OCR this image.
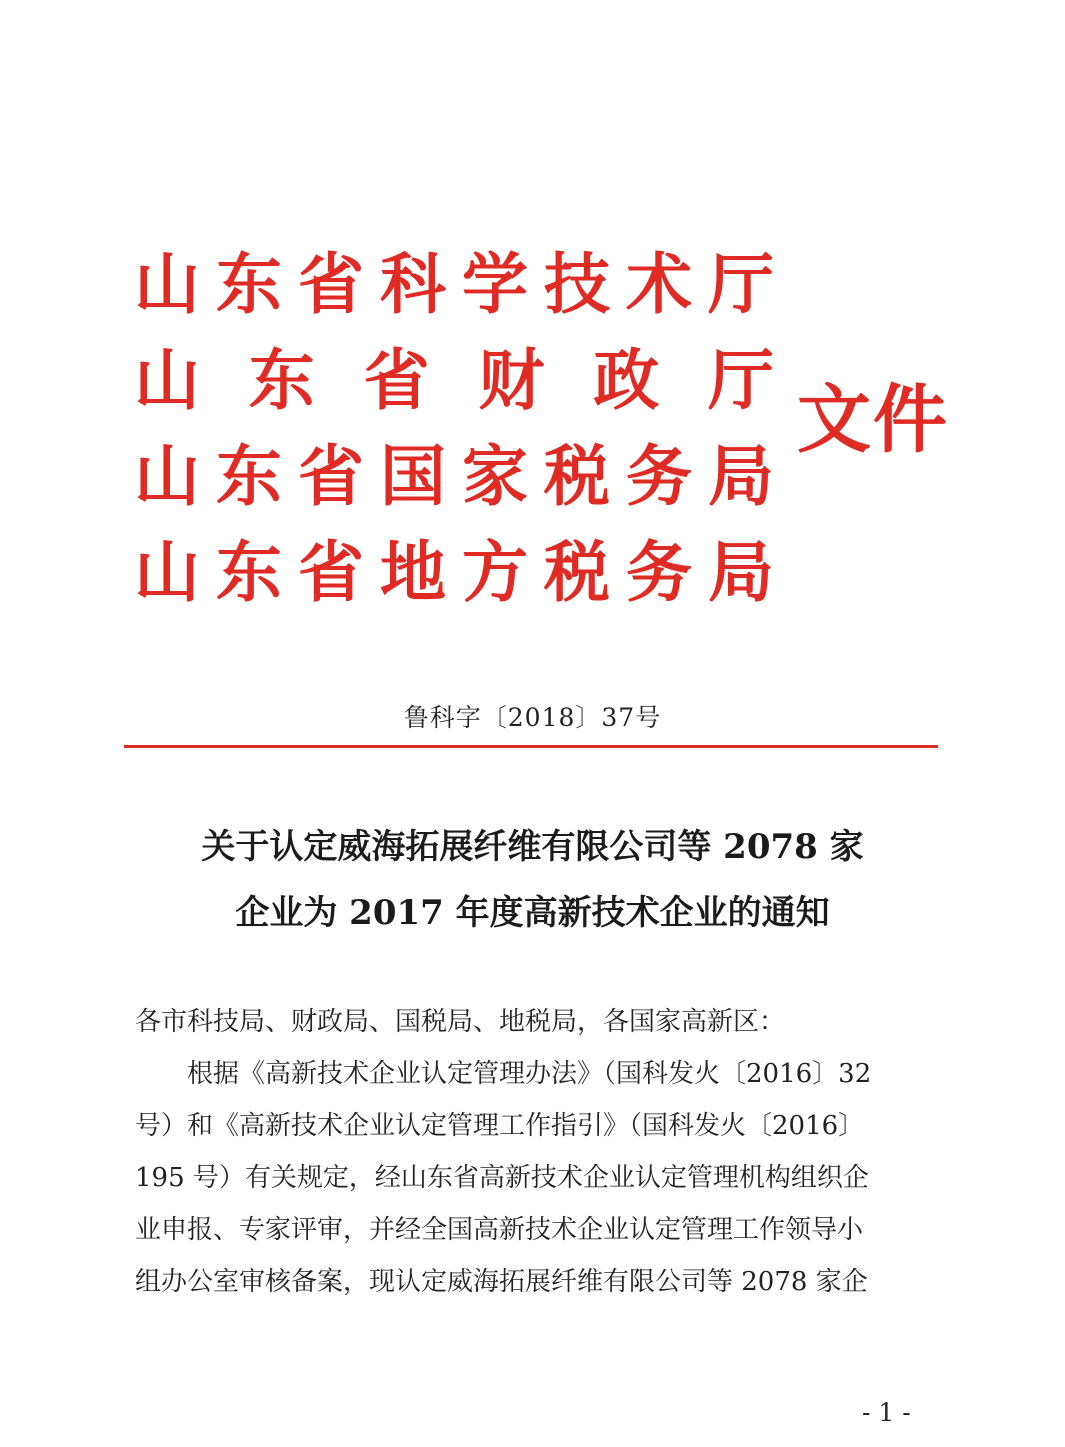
山 东 省 科 学 技 术 厅
山 东 省 财 政 厅
山 东 省 国 家 税 务 局
山 东 省 地 方 税 务 局
文件
鲁科字〔2018〕37号
关于认定威海拓展纤维有限公司等 2078 家
企业为 2017 年度高新技术企业的通知
各市科技局、财政局、国税局、地税局，各国家高新区：
　　根据《高新技术企业认定管理办法》（国科发火〔2016〕32
号）和《高新技术企业认定管理工作指引》（国科发火〔2016〕
195 号）有关规定，经山东省高新技术企业认定管理机构组织企
业申报、专家评审，并经全国高新技术企业认定管理工作领导小
组办公室审核备案，现认定威海拓展纤维有限公司等 2078 家企
- 1 -
